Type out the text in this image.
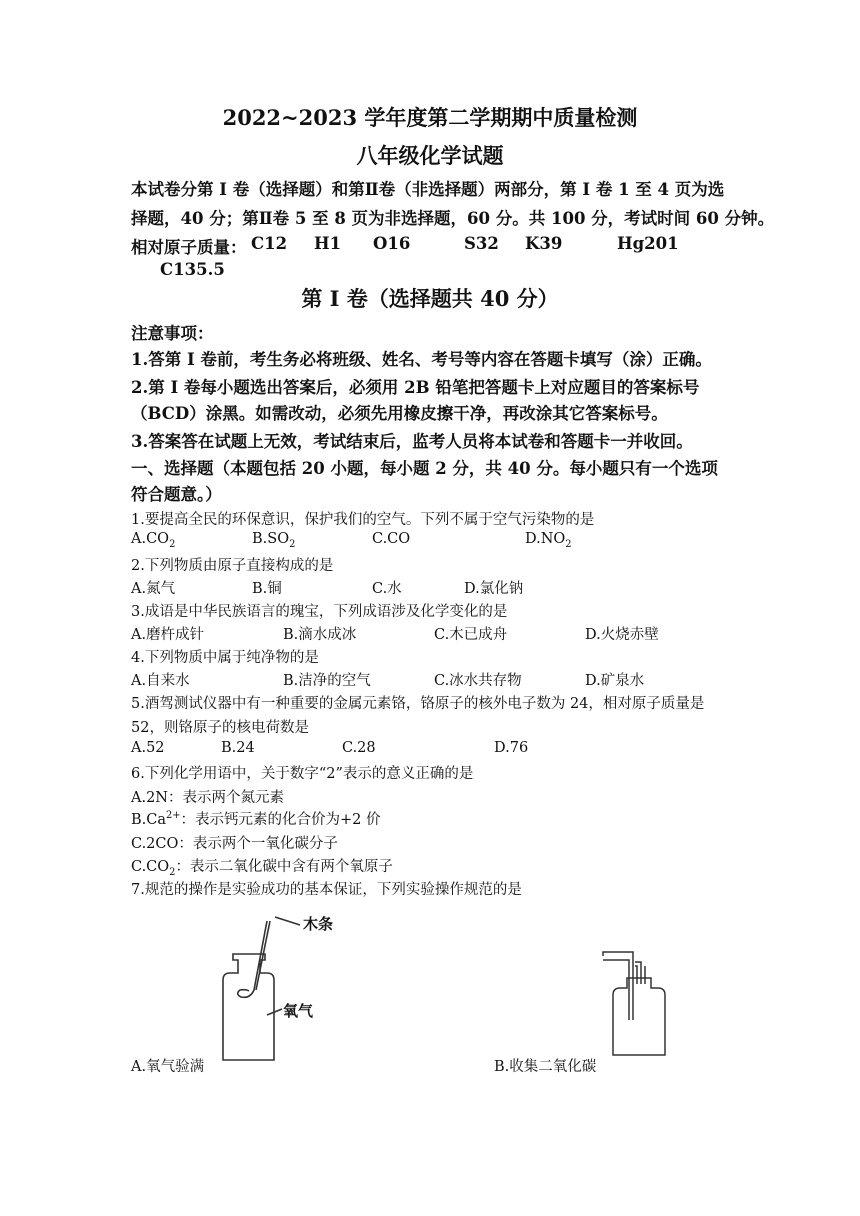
2022~2023 学年度第二学期期中质量检测
八年级化学试题
本试卷分第 I 卷（选择题）和第Ⅱ卷（非选择题）两部分，第 I 卷 1 至 4 页为选
择题，40 分；第Ⅱ卷 5 至 8 页为非选择题，60 分。共 100 分，考试时间 60 分钟。
相对原子质量： C12 H1 O16	S32 K39	Hg201
C135.5
第 I 卷（选择题共 40 分）
注意事项：
1.答第 I 卷前，考生务必将班级、姓名、考号等内容在答题卡填写（涂）正确。
2.第 I 卷每小题选出答案后，必须用 2B 铅笔把答题卡上对应题目的答案标号
（BCD）涂黑。如需改动，必须先用橡皮擦干净，再改涂其它答案标号。
3.答案答在试题上无效，考试结束后，监考人员将本试卷和答题卡一并收回。
一、选择题（本题包括 20 小题，每小题 2 分，共 40 分。每小题只有一个选项
符合题意。）
1.要提高全民的环保意识，保护我们的空气。下列不属于空气污染物的是
$A.CO_2$	$B.SO_2$	C.CO	$D.NO_2$
2.下列物质由原子直接构成的是
A.氮气	B.铜	C.水	D.氯化钠
3.成语是中华民族语言的瑰宝，下列成语涉及化学变化的是
A.磨杵成针	B.滴水成冰	C.木已成舟	D.火烧赤壁
4.下列物质中属于纯净物的是
A.自来水	B.洁净的空气	C.冰水共存物	D.矿泉水
5.酒驾测试仪器中有一种重要的金属元素铬，铬原子的核外电子数为 24，相对原子质量是
52，则铬原子的核电荷数是
A.52	B.24	C.28	D.76
6.下列化学用语中，关于数字“2”表示的意义正确的是
A.2N：表示两个氮元素
$B.Ca^{2+}$：表示钙元素的化合价为+2 价
C.2CO：表示两个一氧化碳分子
$C.CO_2$：表示二氧化碳中含有两个氧原子
7.规范的操作是实验成功的基本保证，下列实验操作规范的是
木条
氧气
A.氧气验满	B.收集二氧化碳
